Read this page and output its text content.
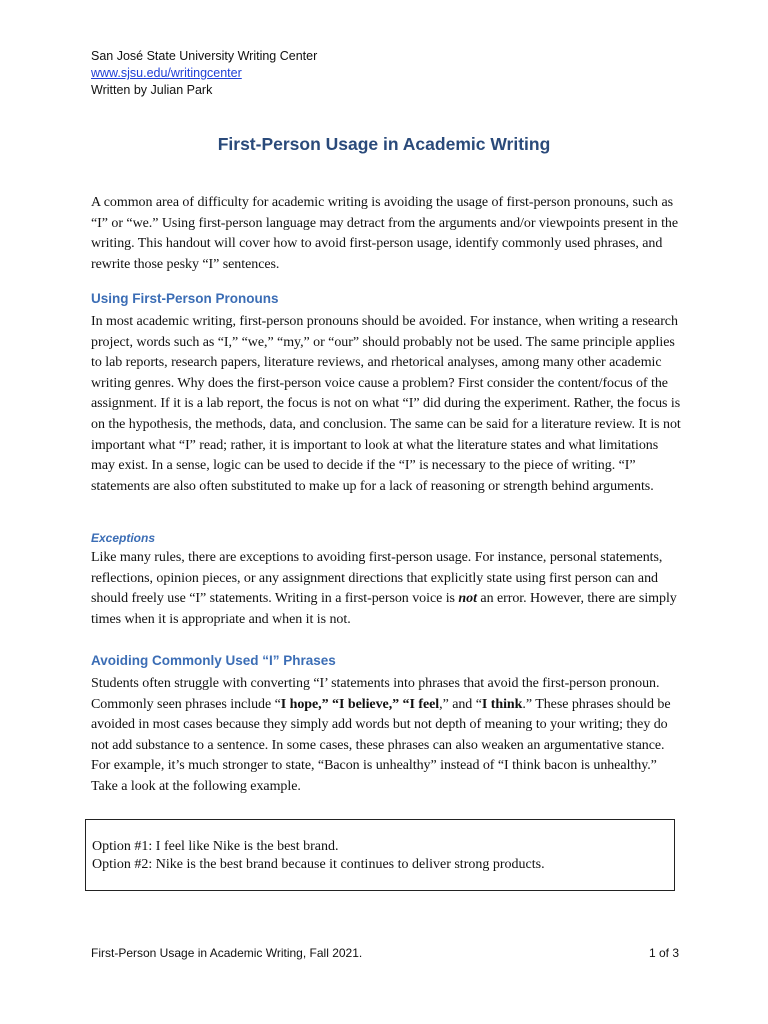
San José State University Writing Center
www.sjsu.edu/writingcenter
Written by Julian Park
First-Person Usage in Academic Writing

A common area of difficulty for academic writing is avoiding the usage of first-person pronouns, such as “I” or “we.” Using first-person language may detract from the arguments and/or viewpoints present in the writing. This handout will cover how to avoid first-person usage, identify commonly used phrases, and rewrite those pesky “I” sentences.

Using First-Person Pronouns

In most academic writing, first-person pronouns should be avoided. For instance, when writing a research project, words such as “I,” “we,” “my,” or “our” should probably not be used. The same principle applies to lab reports, research papers, literature reviews, and rhetorical analyses, among many other academic writing genres. Why does the first-person voice cause a problem? First consider the content/focus of the assignment. If it is a lab report, the focus is not on what “I” did during the experiment. Rather, the focus is on the hypothesis, the methods, data, and conclusion. The same can be said for a literature review. It is not important what “I” read; rather, it is important to look at what the literature states and what limitations may exist. In a sense, logic can be used to decide if the “I” is necessary to the piece of writing. “I” statements are also often substituted to make up for a lack of reasoning or strength behind arguments.

Exceptions

Like many rules, there are exceptions to avoiding first-person usage. For instance, personal statements, reflections, opinion pieces, or any assignment directions that explicitly state using first person can and should freely use “I” statements. Writing in a first-person voice is not an error. However, there are simply times when it is appropriate and when it is not.

Avoiding Commonly Used “I” Phrases

Students often struggle with converting “I’ statements into phrases that avoid the first-person pronoun. Commonly seen phrases include “I hope,” “I believe,” “I feel,” and “I think.” These phrases should be avoided in most cases because they simply add words but not depth of meaning to your writing; they do not add substance to a sentence. In some cases, these phrases can also weaken an argumentative stance. For example, it’s much stronger to state, “Bacon is unhealthy” instead of “I think bacon is unhealthy.” Take a look at the following example.

Option #1: I feel like Nike is the best brand.
Option #2: Nike is the best brand because it continues to deliver strong products.
First-Person Usage in Academic Writing, Fall 2021.	1 of 3
